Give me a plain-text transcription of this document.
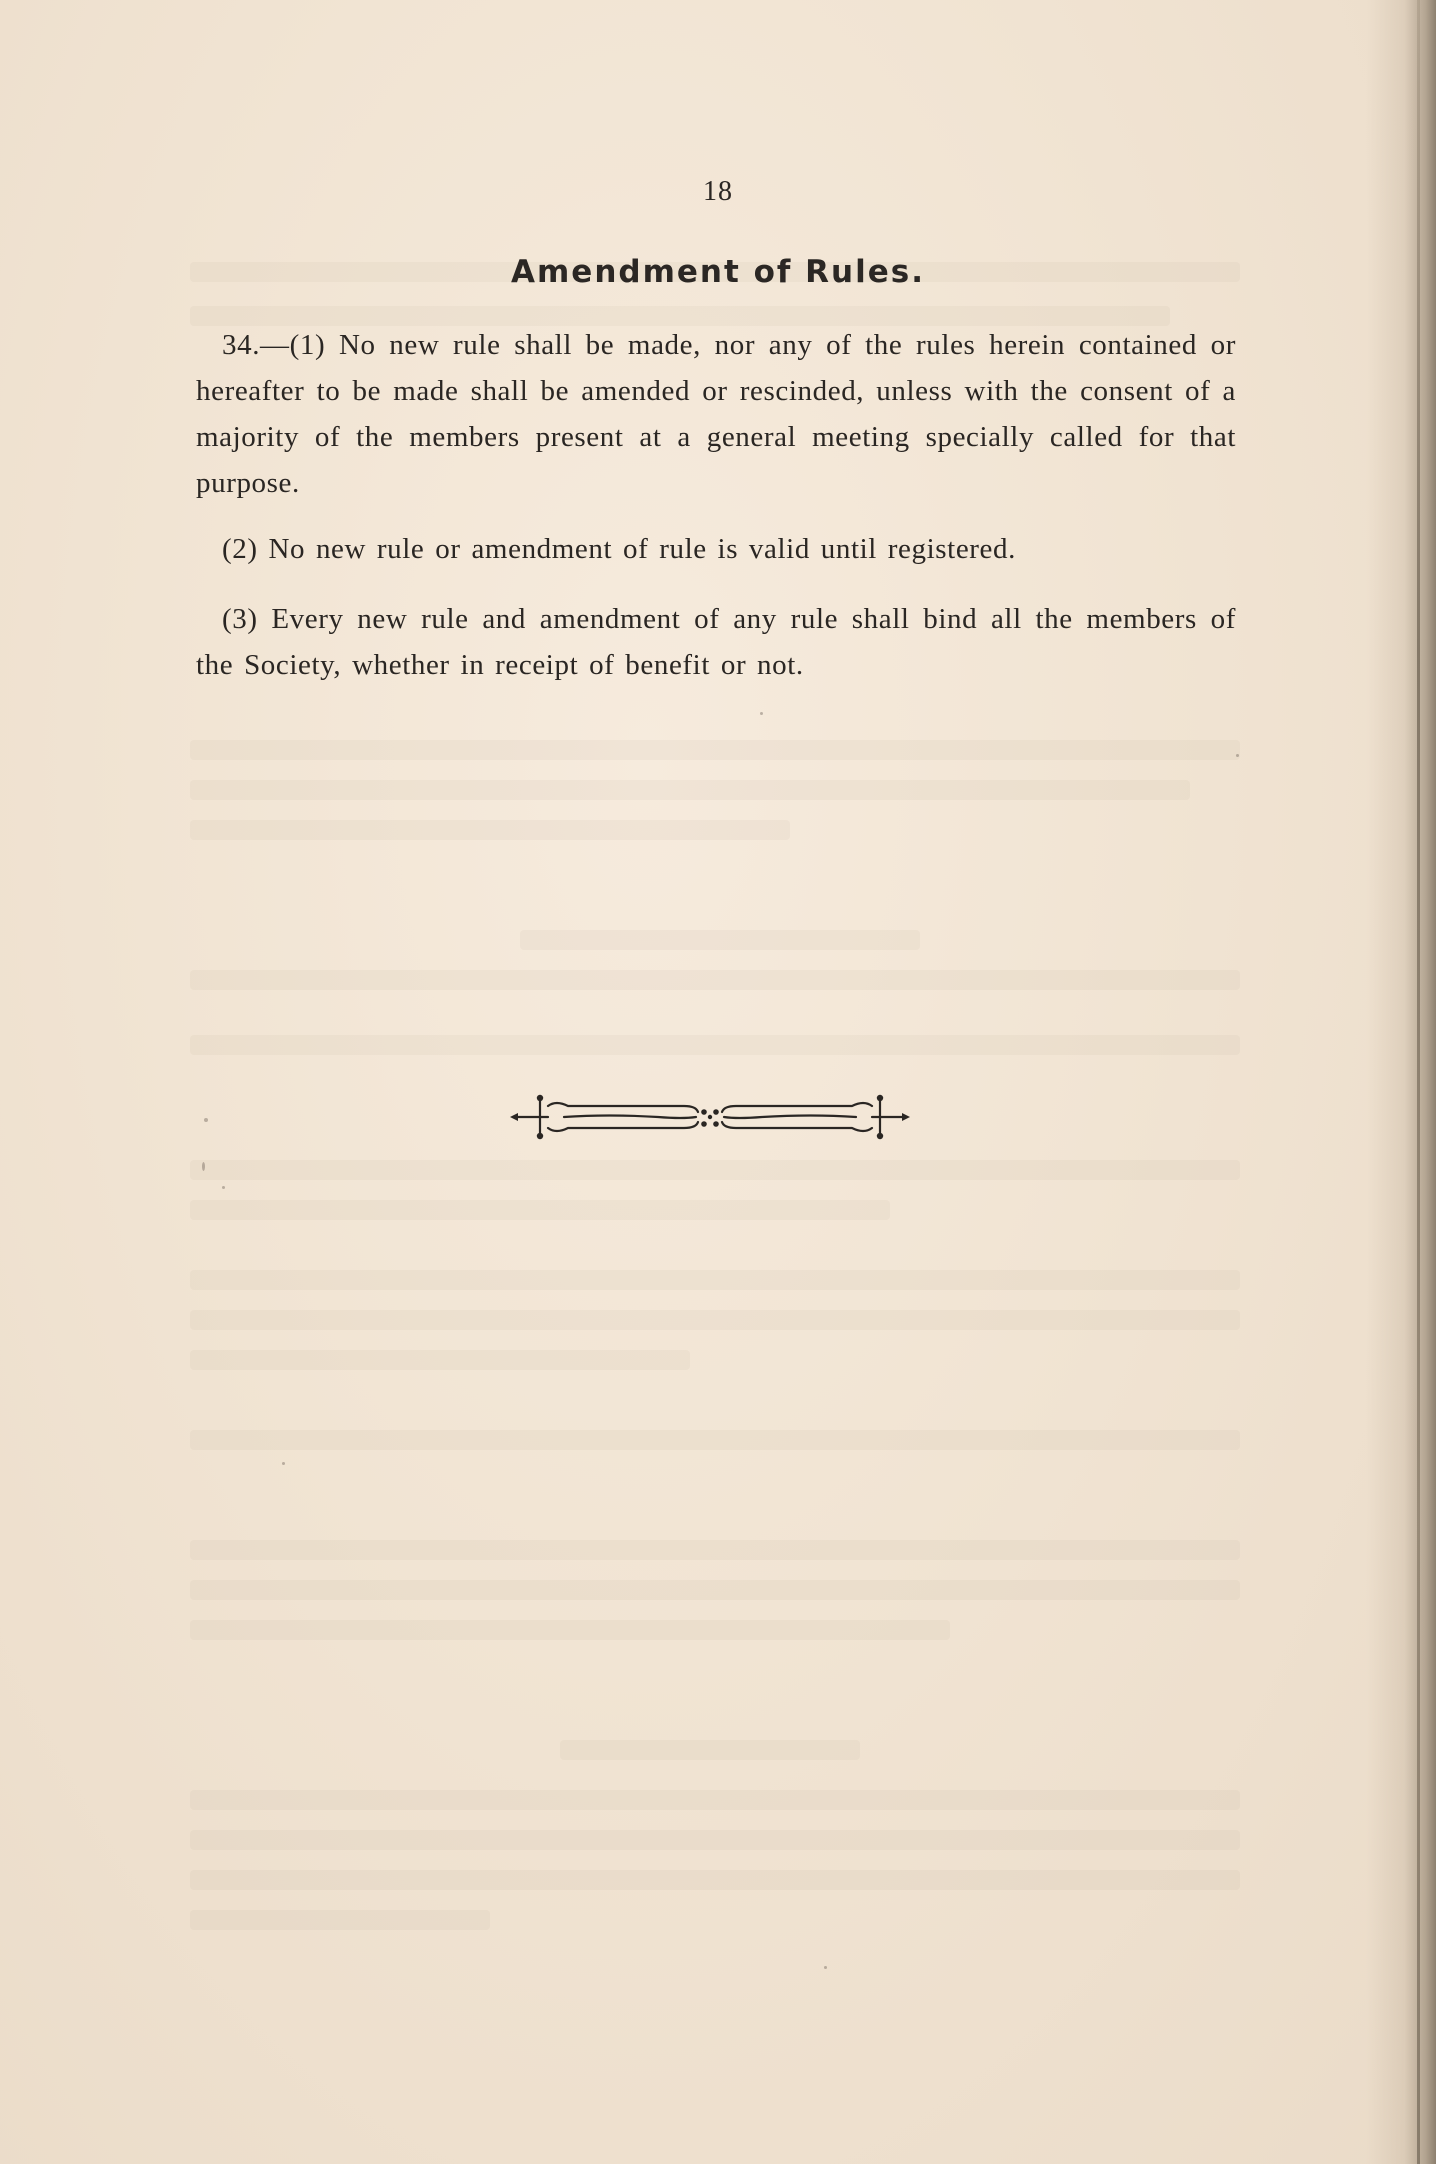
18
Amendment of Rules.
34.—(1) No new rule shall be made, nor any of the rules herein contained or hereafter to be made shall be amended or rescinded, unless with the consent of a majority of the members present at a general meeting specially called for that purpose.
(2) No new rule or amendment of rule is valid until registered.
(3) Every new rule and amendment of any rule shall bind all the members of the Society, whether in receipt of benefit or not.
